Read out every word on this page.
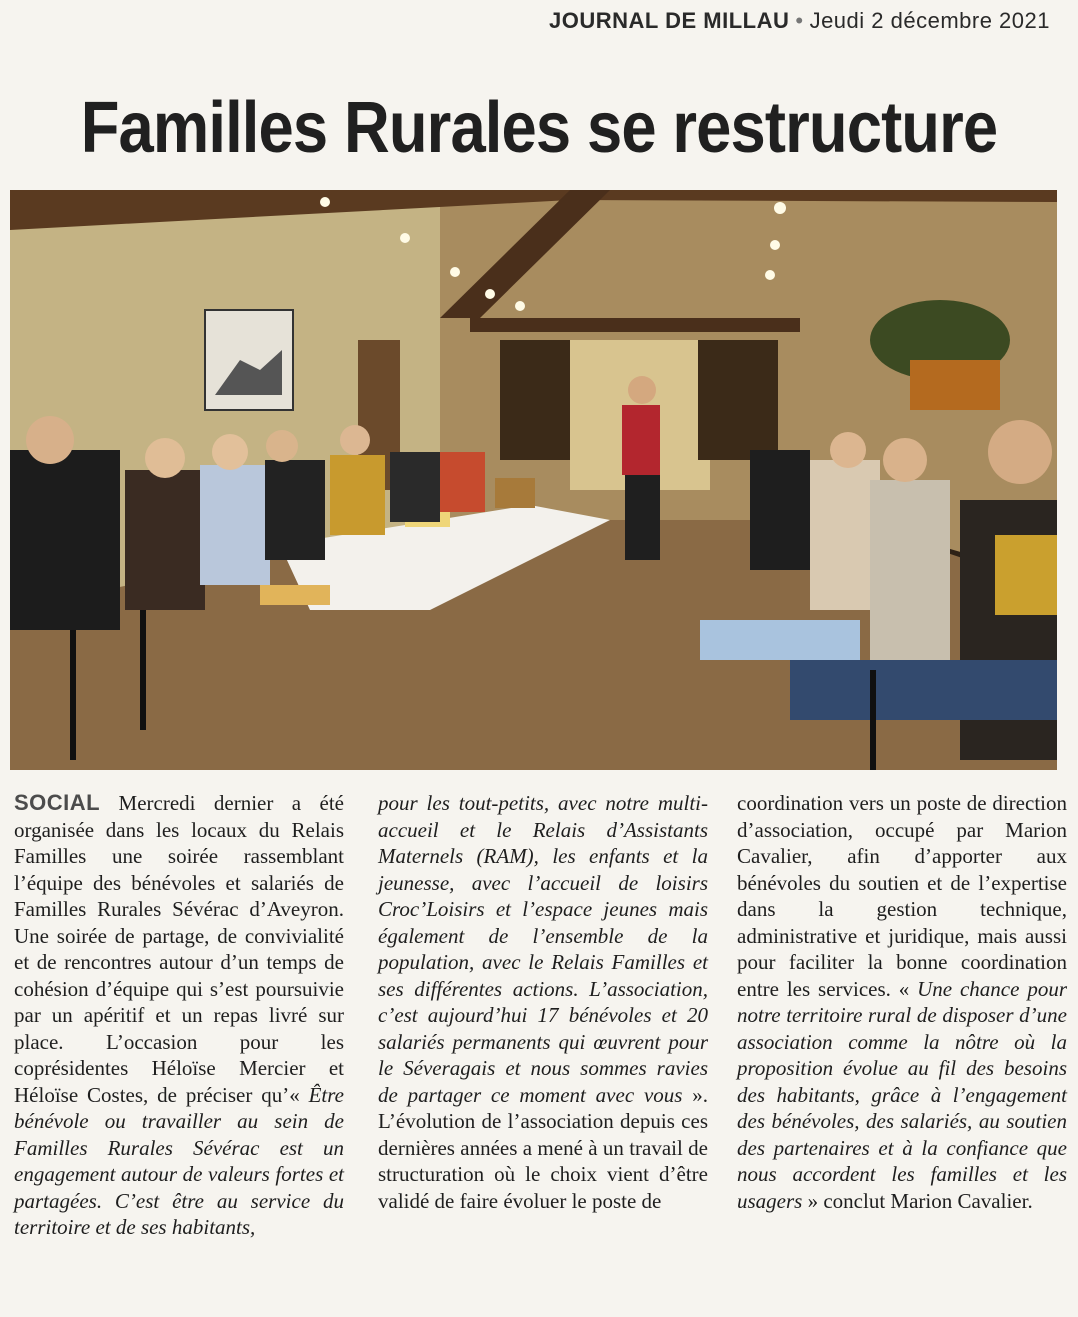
JOURNAL DE MILLAU • Jeudi 2 décembre 2021
Familles Rurales se restructure
SOCIAL Mercredi dernier a été organisée dans les locaux du Relais Familles une soirée rassemblant l’équipe des bénévoles et salariés de Familles Rurales Sévérac d’Aveyron. Une soirée de partage, de convivialité et de rencontres autour d’un temps de cohésion d’équipe qui s’est poursuivie par un apéritif et un repas livré sur place. L’occasion pour les coprésidentes Héloïse Mercier et Héloïse Costes, de préciser qu’« Être bénévole ou travailler au sein de Familles Rurales Sévérac est un engagement autour de valeurs fortes et partagées. C’est être au service du territoire et de ses habitants,
pour les tout-petits, avec notre multi-accueil et le Relais d’Assistants Maternels (RAM), les enfants et la jeunesse, avec l’accueil de loisirs Croc’Loisirs et l’espace jeunes mais également de l’ensemble de la population, avec le Relais Familles et ses différentes actions. L’association, c’est aujourd’hui 17 bénévoles et 20 salariés permanents qui œuvrent pour le Séveragais et nous sommes ravies de partager ce moment avec vous ». L’évolution de l’association depuis ces dernières années a mené à un travail de structuration où le choix vient d’être validé de faire évoluer le poste de
coordination vers un poste de direction d’association, occupé par Marion Cavalier, afin d’apporter aux bénévoles du soutien et de l’expertise dans la gestion technique, administrative et juridique, mais aussi pour faciliter la bonne coordination entre les services. « Une chance pour notre territoire rural de disposer d’une association comme la nôtre où la proposition évolue au fil des besoins des habitants, grâce à l’engagement des bénévoles, des salariés, au soutien des partenaires et à la confiance que nous accordent les familles et les usagers » conclut Marion Cavalier.
